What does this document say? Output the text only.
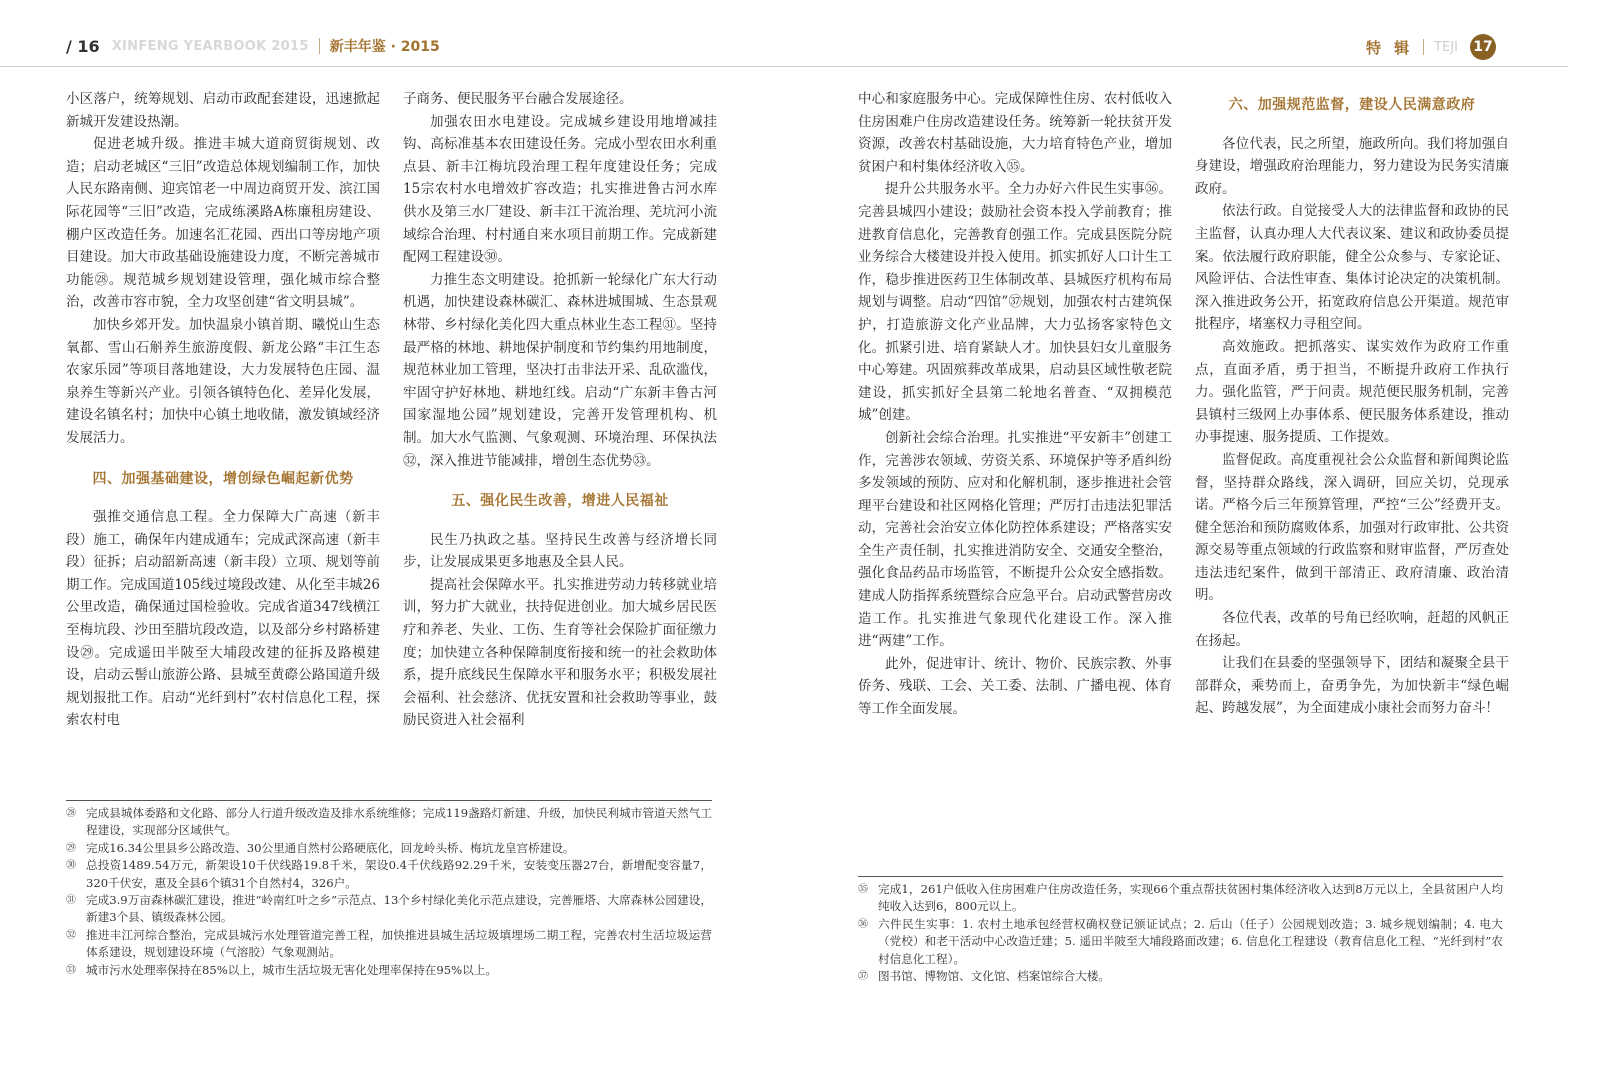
/ 16 XINFENG YEARBOOK 2015 新丰年鉴 · 2015	特 辑 TEJI 17

小区落户，统筹规划、启动市政配套建设，迅速掀起新城开发建设热潮。

促进老城升级。推进丰城大道商贸街规划、改造；启动老城区“三旧”改造总体规划编制工作，加快人民东路南侧、迎宾馆老一中周边商贸开发、滨江国际花园等“三旧”改造，完成练溪路A栋廉租房建设、棚户区改造任务。加速名汇花园、西出口等房地产项目建设。加大市政基础设施建设力度，不断完善城市功能㉘。规范城乡规划建设管理，强化城市综合整治，改善市容市貌，全力攻坚创建“省文明县城”。

加快乡郊开发。加快温泉小镇首期、曦悦山生态氧都、雪山石斛养生旅游度假、新龙公路“丰江生态农家乐园”等项目落地建设，大力发展特色庄园、温泉养生等新兴产业。引领各镇特色化、差异化发展，建设名镇名村；加快中心镇土地收储，激发镇域经济发展活力。

四、加强基础建设，增创绿色崛起新优势

强推交通信息工程。全力保障大广高速（新丰段）施工，确保年内建成通车；完成武深高速（新丰段）征拆；启动韶新高速（新丰段）立项、规划等前期工作。完成国道105线过境段改建、从化至丰城26公里改造，确保通过国检验收。完成省道347线横江至梅坑段、沙田至腊坑段改造，以及部分乡村路桥建设㉙。完成遥田半陂至大埔段改建的征拆及路模建设，启动云髻山旅游公路、县城至黄磜公路国道升级规划报批工作。启动“光纤到村”农村信息化工程，探索农村电

子商务、便民服务平台融合发展途径。

加强农田水电建设。完成城乡建设用地增减挂钩、高标准基本农田建设任务。完成小型农田水利重点县、新丰江梅坑段治理工程年度建设任务；完成15宗农村水电增效扩容改造；扎实推进鲁古河水库供水及第三水厂建设、新丰江干流治理、羌坑河小流域综合治理、村村通自来水项目前期工作。完成新建配网工程建设㉚。

力推生态文明建设。抢抓新一轮绿化广东大行动机遇，加快建设森林碳汇、森林进城围城、生态景观林带、乡村绿化美化四大重点林业生态工程㉛。坚持最严格的林地、耕地保护制度和节约集约用地制度，规范林业加工管理，坚决打击非法开采、乱砍滥伐，牢固守护好林地、耕地红线。启动“广东新丰鲁古河国家湿地公园”规划建设，完善开发管理机构、机制。加大水气监测、气象观测、环境治理、环保执法㉜，深入推进节能减排，增创生态优势㉝。

五、强化民生改善，增进人民福祉

民生乃执政之基。坚持民生改善与经济增长同步，让发展成果更多地惠及全县人民。

提高社会保障水平。扎实推进劳动力转移就业培训，努力扩大就业，扶持促进创业。加大城乡居民医疗和养老、失业、工伤、生育等社会保险扩面征缴力度；加快建立各种保障制度衔接和统一的社会救助体系，提升底线民生保障水平和服务水平；积极发展社会福利、社会慈济、优抚安置和社会救助等事业，鼓励民资进入社会福利

中心和家庭服务中心。完成保障性住房、农村低收入住房困难户住房改造建设任务。统筹新一轮扶贫开发资源，改善农村基础设施，大力培育特色产业，增加贫困户和村集体经济收入㉟。

提升公共服务水平。全力办好六件民生实事㊱。完善县城四小建设；鼓励社会资本投入学前教育；推进教育信息化，完善教育创强工作。完成县医院分院业务综合大楼建设并投入使用。抓实抓好人口计生工作，稳步推进医药卫生体制改革、县城医疗机构布局规划与调整。启动“四馆”㊲规划，加强农村古建筑保护，打造旅游文化产业品牌，大力弘扬客家特色文化。抓紧引进、培育紧缺人才。加快县妇女儿童服务中心筹建。巩固殡葬改革成果，启动县区域性敬老院建设，抓实抓好全县第二轮地名普查、“双拥模范城”创建。

创新社会综合治理。扎实推进“平安新丰”创建工作，完善涉农领域、劳资关系、环境保护等矛盾纠纷多发领域的预防、应对和化解机制，逐步推进社会管理平台建设和社区网格化管理；严厉打击违法犯罪活动，完善社会治安立体化防控体系建设；严格落实安全生产责任制，扎实推进消防安全、交通安全整治，强化食品药品市场监管，不断提升公众安全感指数。建成人防指挥系统暨综合应急平台。启动武警营房改造工作。扎实推进气象现代化建设工作。深入推进“两建”工作。

此外，促进审计、统计、物价、民族宗教、外事侨务、残联、工会、关工委、法制、广播电视、体育等工作全面发展。

六、加强规范监督，建设人民满意政府

各位代表，民之所望，施政所向。我们将加强自身建设，增强政府治理能力，努力建设为民务实清廉政府。

依法行政。自觉接受人大的法律监督和政协的民主监督，认真办理人大代表议案、建议和政协委员提案。依法履行政府职能，健全公众参与、专家论证、风险评估、合法性审查、集体讨论决定的决策机制。深入推进政务公开，拓宽政府信息公开渠道。规范审批程序，堵塞权力寻租空间。

高效施政。把抓落实、谋实效作为政府工作重点，直面矛盾，勇于担当，不断提升政府工作执行力。强化监管，严于问责。规范便民服务机制，完善县镇村三级网上办事体系、便民服务体系建设，推动办事提速、服务提质、工作提效。

监督促政。高度重视社会公众监督和新闻舆论监督，坚持群众路线，深入调研，回应关切，兑现承诺。严格今后三年预算管理，严控“三公”经费开支。健全惩治和预防腐败体系，加强对行政审批、公共资源交易等重点领域的行政监察和财审监督，严厉查处违法违纪案件，做到干部清正、政府清廉、政治清明。

各位代表，改革的号角已经吹响，赶超的风帆正在扬起。

让我们在县委的坚强领导下，团结和凝聚全县干部群众，乘势而上，奋勇争先，为加快新丰“绿色崛起、跨越发展”，为全面建成小康社会而努力奋斗！

㉘ 完成县城体委路和文化路、部分人行道升级改造及排水系统维修；完成119盏路灯新建、升级，加快民利城市管道天然气工程建设，实现部分区域供气。
㉙ 完成16.34公里县乡公路改造、30公里通自然村公路硬底化，回龙岭头桥、梅坑龙皇宫桥建设。
㉚ 总投资1489.54万元，新架设10千伏线路19.8千米，架设0.4千伏线路92.29千米，安装变压器27台，新增配变容量7，320千伏安，惠及全县6个镇31个自然村4，326户。
㉛ 完成3.9万亩森林碳汇建设，推进“岭南红叶之乡”示范点、13个乡村绿化美化示范点建设，完善雁塔、大席森林公园建设，新建3个县、镇级森林公园。
㉜ 推进丰江河综合整治，完成县城污水处理管道完善工程，加快推进县城生活垃圾填埋场二期工程，完善农村生活垃圾运营体系建设，规划建设环境（气溶胶）气象观测站。
㉝ 城市污水处理率保持在85%以上，城市生活垃圾无害化处理率保持在95%以上。
㉟ 完成1，261户低收入住房困难户住房改造任务，实现66个重点帮扶贫困村集体经济收入达到8万元以上，全县贫困户人均纯收入达到6，800元以上。
㊱ 六件民生实事：1. 农村土地承包经营权确权登记颁证试点；2. 后山（任子）公园规划改造；3. 城乡规划编制；4. 电大（党校）和老干活动中心改造迁建；5. 遥田半陂至大埔段路面改建；6. 信息化工程建设（教育信息化工程、“光纤到村”农村信息化工程）。
㊲ 图书馆、博物馆、文化馆、档案馆综合大楼。
